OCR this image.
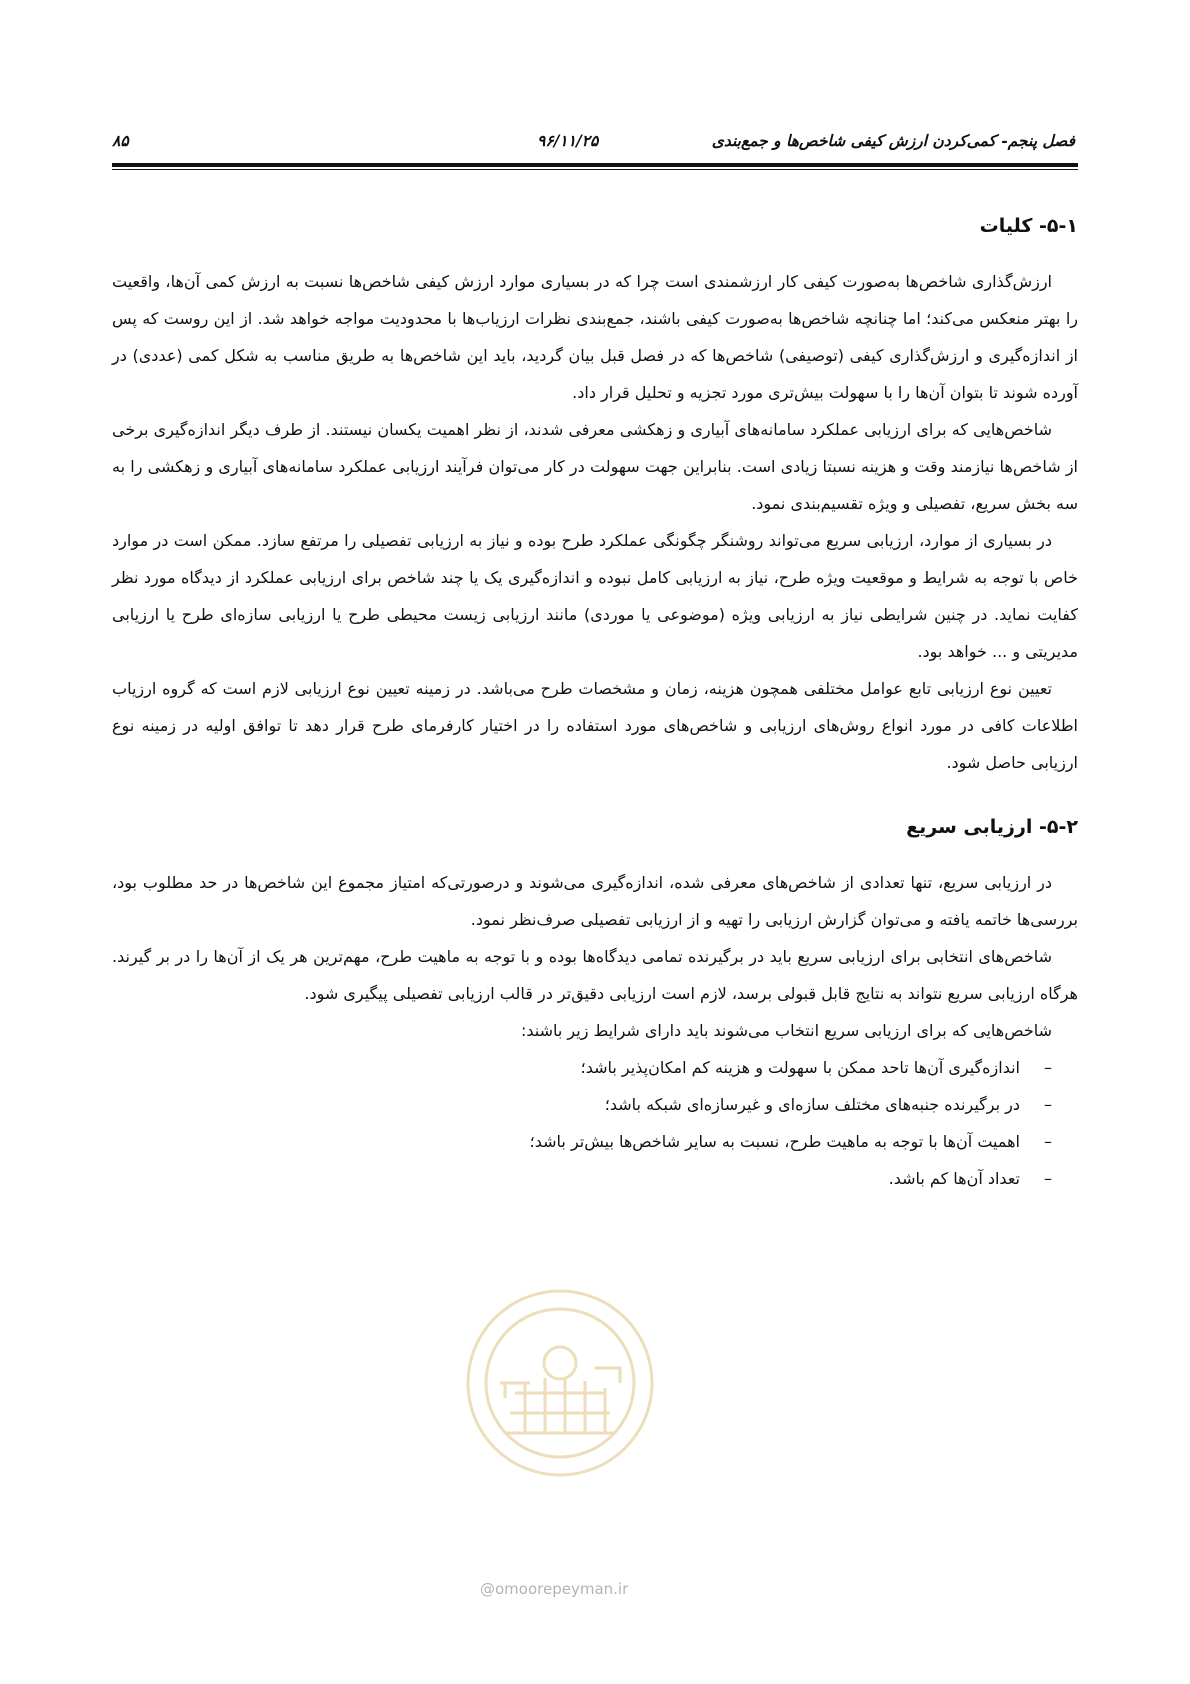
فصل پنجم- کمی‌کردن ارزش کیفی شاخص‌ها و جمع‌بندی
۹۶/۱۱/۲۵
۸۵
۵-۱- کلیات

ارزش‌گذاری شاخص‌ها به‌صورت کیفی کار ارزشمندی است چرا که در بسیاری موارد ارزش کیفی شاخص‌ها نسبت به ارزش کمی آن‌ها، واقعیت را بهتر منعکس می‌کند؛ اما چنانچه شاخص‌ها به‌صورت کیفی باشند، جمع‌بندی نظرات ارزیاب‌ها با محدودیت مواجه خواهد شد. از این روست که پس از اندازه‌گیری و ارزش‌گذاری کیفی (توصیفی) شاخص‌ها که در فصل قبل بیان گردید، باید این شاخص‌ها به طریق مناسب به شکل کمی (عددی) در آورده شوند تا بتوان آن‌ها را با سهولت بیش‌تری مورد تجزیه و تحلیل قرار داد.

شاخص‌هایی که برای ارزیابی عملکرد سامانه‌های آبیاری و زهکشی معرفی شدند، از نظر اهمیت یکسان نیستند. از طرف دیگر اندازه‌گیری برخی از شاخص‌ها نیازمند وقت و هزینه نسبتا زیادی است. بنابراین جهت سهولت در کار می‌توان فرآیند ارزیابی عملکرد سامانه‌های آبیاری و زهکشی را به سه بخش سریع، تفصیلی و ویژه تقسیم‌بندی نمود.

در بسیاری از موارد، ارزیابی سریع می‌تواند روشنگر چگونگی عملکرد طرح بوده و نیاز به ارزیابی تفصیلی را مرتفع سازد. ممکن است در موارد خاص با توجه به شرایط و موقعیت ویژه طرح، نیاز به ارزیابی کامل نبوده و اندازه‌گیری یک یا چند شاخص برای ارزیابی عملکرد از دیدگاه مورد نظر کفایت نماید. در چنین شرایطی نیاز به ارزیابی ویژه (موضوعی یا موردی) مانند ارزیابی زیست محیطی طرح یا ارزیابی سازه‌ای طرح یا ارزیابی مدیریتی و ... خواهد بود.

تعیین نوع ارزیابی تابع عوامل مختلفی همچون هزینه، زمان و مشخصات طرح می‌باشد. در زمینه تعیین نوع ارزیابی لازم است که گروه ارزیاب اطلاعات کافی در مورد انواع روش‌های ارزیابی و شاخص‌های مورد استفاده را در اختیار کارفرمای طرح قرار دهد تا توافق اولیه در زمینه نوع ارزیابی حاصل شود.

۵-۲- ارزیابی سریع

در ارزیابی سریع، تنها تعدادی از شاخص‌های معرفی شده، اندازه‌گیری می‌شوند و درصورتی‌که امتیاز مجموع این شاخص‌ها در حد مطلوب بود، بررسی‌ها خاتمه یافته و می‌توان گزارش ارزیابی را تهیه و از ارزیابی تفصیلی صرف‌نظر نمود.

شاخص‌های انتخابی برای ارزیابی سریع باید در برگیرنده تمامی دیدگاه‌ها بوده و با توجه به ماهیت طرح، مهم‌ترین هر یک از آن‌ها را در بر گیرند. هرگاه ارزیابی سریع نتواند به نتایج قابل قبولی برسد، لازم است ارزیابی دقیق‌تر در قالب ارزیابی تفصیلی پیگیری شود.

شاخص‌هایی که برای ارزیابی سریع انتخاب می‌شوند باید دارای شرایط زیر باشند:

–
اندازه‌گیری آن‌ها تاحد ممکن با سهولت و هزینه کم امکان‌پذیر باشد؛
–
در برگیرنده جنبه‌های مختلف سازه‌ای و غیرسازه‌ای شبکه باشد؛
–
اهمیت آن‌ها با توجه به ماهیت طرح، نسبت به سایر شاخص‌ها بیش‌تر باشد؛
–
تعداد آن‌ها کم باشد.
@omoorepeyman.ir
